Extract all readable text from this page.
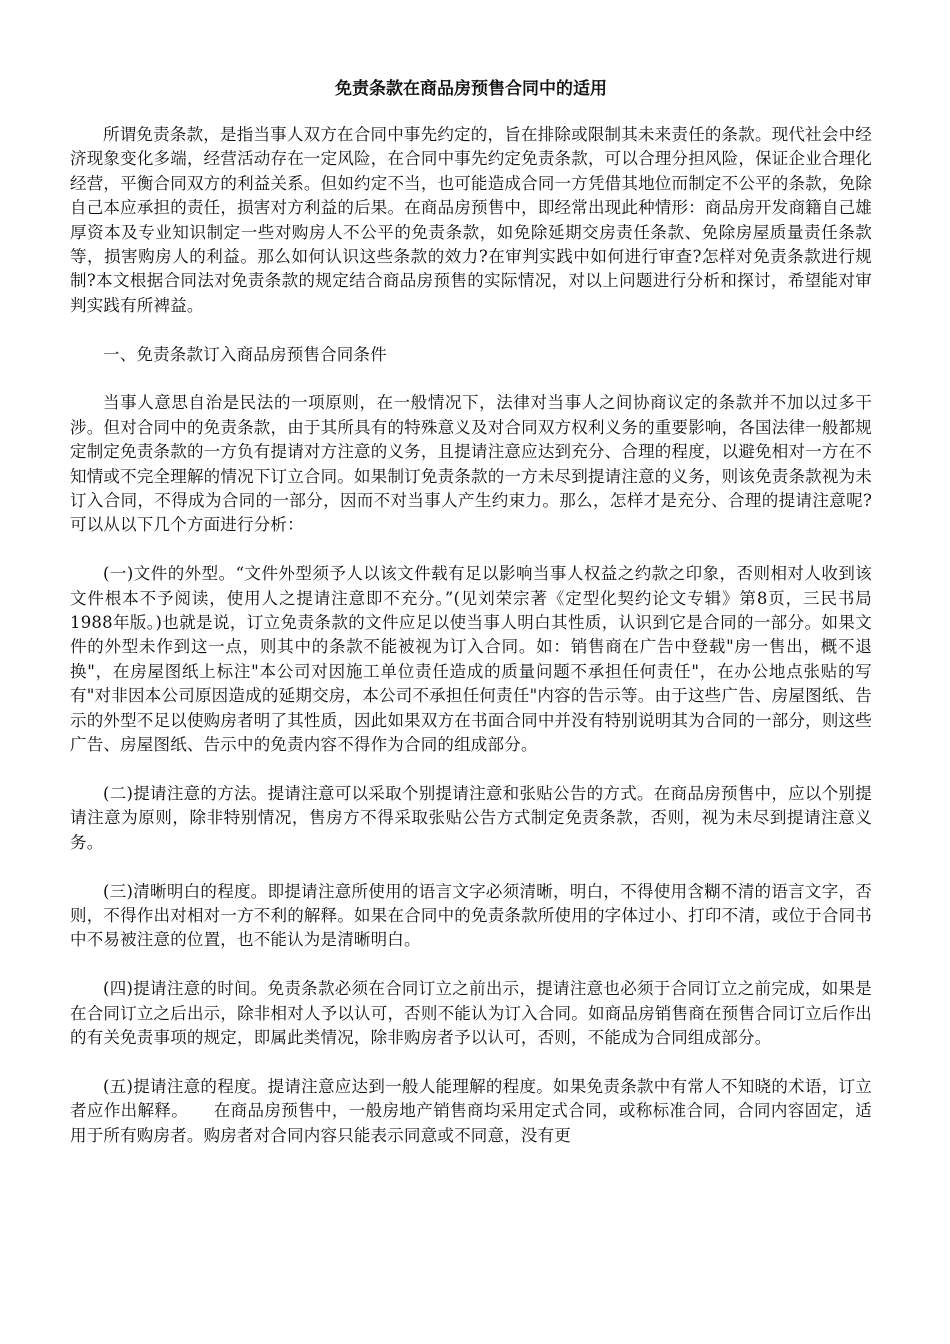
免责条款在商品房预售合同中的适用

所谓免责条款，是指当事人双方在合同中事先约定的，旨在排除或限制其未来责任的条款。现代社会中经济现象变化多端，经营活动存在一定风险，在合同中事先约定免责条款，可以合理分担风险，保证企业合理化经营，平衡合同双方的利益关系。但如约定不当，也可能造成合同一方凭借其地位而制定不公平的条款，免除自己本应承担的责任，损害对方利益的后果。在商品房预售中，即经常出现此种情形：商品房开发商籍自己雄厚资本及专业知识制定一些对购房人不公平的免责条款，如免除延期交房责任条款、免除房屋质量责任条款等，损害购房人的利益。那么如何认识这些条款的效力?在审判实践中如何进行审查?怎样对免责条款进行规制?本文根据合同法对免责条款的规定结合商品房预售的实际情况，对以上问题进行分析和探讨，希望能对审判实践有所裨益。

一、免责条款订入商品房预售合同条件

当事人意思自治是民法的一项原则，在一般情况下，法律对当事人之间协商议定的条款并不加以过多干涉。但对合同中的免责条款，由于其所具有的特殊意义及对合同双方权利义务的重要影响，各国法律一般都规定制定免责条款的一方负有提请对方注意的义务，且提请注意应达到充分、合理的程度，以避免相对一方在不知情或不完全理解的情况下订立合同。如果制订免责条款的一方未尽到提请注意的义务，则该免责条款视为未订入合同，不得成为合同的一部分，因而不对当事人产生约束力。那么，怎样才是充分、合理的提请注意呢?可以从以下几个方面进行分析：

(一)文件的外型。“文件外型须予人以该文件载有足以影响当事人权益之约款之印象，否则相对人收到该文件根本不予阅读，使用人之提请注意即不充分。”(见刘荣宗著《定型化契约论文专辑》第8页，三民书局1988年版。)也就是说，订立免责条款的文件应足以使当事人明白其性质，认识到它是合同的一部分。如果文件的外型未作到这一点，则其中的条款不能被视为订入合同。如：销售商在广告中登载"房一售出，概不退换"，在房屋图纸上标注"本公司对因施工单位责任造成的质量问题不承担任何责任"，在办公地点张贴的写有"对非因本公司原因造成的延期交房，本公司不承担任何责任"内容的告示等。由于这些广告、房屋图纸、告示的外型不足以使购房者明了其性质，因此如果双方在书面合同中并没有特别说明其为合同的一部分，则这些广告、房屋图纸、告示中的免责内容不得作为合同的组成部分。

(二)提请注意的方法。提请注意可以采取个别提请注意和张贴公告的方式。在商品房预售中，应以个别提请注意为原则，除非特别情况，售房方不得采取张贴公告方式制定免责条款，否则，视为未尽到提请注意义务。

(三)清晰明白的程度。即提请注意所使用的语言文字必须清晰，明白，不得使用含糊不清的语言文字，否则，不得作出对相对一方不利的解释。如果在合同中的免责条款所使用的字体过小、打印不清，或位于合同书中不易被注意的位置，也不能认为是清晰明白。

(四)提请注意的时间。免责条款必须在合同订立之前出示，提请注意也必须于合同订立之前完成，如果是在合同订立之后出示，除非相对人予以认可，否则不能认为订入合同。如商品房销售商在预售合同订立后作出的有关免责事项的规定，即属此类情况，除非购房者予以认可，否则，不能成为合同组成部分。

(五)提请注意的程度。提请注意应达到一般人能理解的程度。如果免责条款中有常人不知晓的术语，订立者应作出解释。　　在商品房预售中，一般房地产销售商均采用定式合同，或称标准合同，合同内容固定，适用于所有购房者。购房者对合同内容只能表示同意或不同意，没有更
